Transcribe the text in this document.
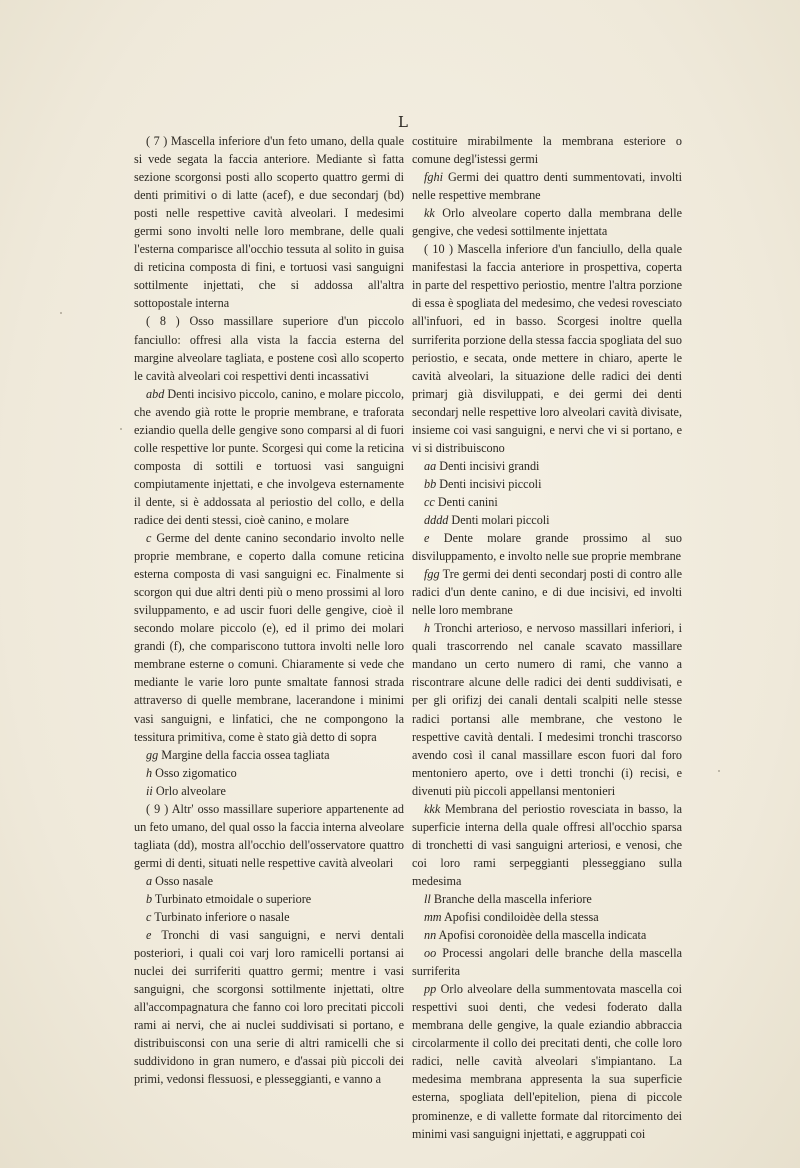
L

( 7 ) Mascella inferiore d'un feto umano, della quale si vede segata la faccia anteriore. Mediante sì fatta sezione scorgonsi posti allo scoperto quattro germi di denti primitivi o di latte (acef), e due secondarj (bd) posti nelle respettive cavità alveolari. I medesimi germi sono involti nelle loro membrane, delle quali l'esterna comparisce all'occhio tessuta al solito in guisa di reticina composta di fini, e tortuosi vasi sanguigni sottilmente injettati, che si addossa all'altra sottopostale interna

( 8 ) Osso massillare superiore d'un piccolo fanciullo: offresi alla vista la faccia esterna del margine alveolare tagliata, e postene così allo scoperto le cavità alveolari coi respettivi denti incassativi

abd Denti incisivo piccolo, canino, e molare piccolo, che avendo già rotte le proprie membrane, e traforata eziandio quella delle gengive sono comparsi al di fuori colle respettive lor punte. Scorgesi qui come la reticina composta di sottili e tortuosi vasi sanguigni compiutamente injettati, e che involgeva esternamente il dente, si è addossata al periostio del collo, e della radice dei denti stessi, cioè canino, e molare

c Germe del dente canino secondario involto nelle proprie membrane, e coperto dalla comune reticina esterna composta di vasi sanguigni ec. Finalmente si scorgon qui due altri denti più o meno prossimi al loro sviluppamento, e ad uscir fuori delle gengive, cioè il secondo molare piccolo (e), ed il primo dei molari grandi (f), che compariscono tuttora involti nelle loro membrane esterne o comuni. Chiaramente si vede che mediante le varie loro punte smaltate fannosi strada attraverso di quelle membrane, lacerandone i minimi vasi sanguigni, e linfatici, che ne compongono la tessitura primitiva, come è stato già detto di sopra

gg Margine della faccia ossea tagliata

h Osso zigomatico

ii Orlo alveolare

( 9 ) Altr' osso massillare superiore appartenente ad un feto umano, del qual osso la faccia interna alveolare tagliata (dd), mostra all'occhio dell'osservatore quattro germi di denti, situati nelle respettive cavità alveolari

a Osso nasale

b Turbinato etmoidale o superiore

c Turbinato inferiore o nasale

e Tronchi di vasi sanguigni, e nervi dentali posteriori, i quali coi varj loro ramicelli portansi ai nuclei dei surriferiti quattro germi; mentre i vasi sanguigni, che scorgonsi sottilmente injettati, oltre all'accompagnatura che fanno coi loro precitati piccoli rami ai nervi, che ai nuclei suddivisati si portano, e distribuisconsi con una serie di altri ramicelli che si suddividono in gran numero, e d'assai più piccoli dei primi, vedonsi flessuosi, e plesseggianti, e vanno a

costituire mirabilmente la membrana esteriore o comune degl'istessi germi

fghi Germi dei quattro denti summentovati, involti nelle respettive membrane

kk Orlo alveolare coperto dalla membrana delle gengive, che vedesi sottilmente injettata

( 10 ) Mascella inferiore d'un fanciullo, della quale manifestasi la faccia anteriore in prospettiva, coperta in parte del respettivo periostio, mentre l'altra porzione di essa è spogliata del medesimo, che vedesi rovesciato all'infuori, ed in basso. Scorgesi inoltre quella surriferita porzione della stessa faccia spogliata del suo periostio, e secata, onde mettere in chiaro, aperte le cavità alveolari, la situazione delle radici dei denti primarj già disviluppati, e dei germi dei denti secondarj nelle respettive loro alveolari cavità divisate, insieme coi vasi sanguigni, e nervi che vi si portano, e vi si distribuiscono

aa Denti incisivi grandi

bb Denti incisivi piccoli

cc Denti canini

dddd Denti molari piccoli

e Dente molare grande prossimo al suo disviluppamento, e involto nelle sue proprie membrane

fgg Tre germi dei denti secondarj posti di contro alle radici d'un dente canino, e di due incisivi, ed involti nelle loro membrane

h Tronchi arterioso, e nervoso massillari inferiori, i quali trascorrendo nel canale scavato massillare mandano un certo numero di rami, che vanno a riscontrare alcune delle radici dei denti suddivisati, e per gli orifizj dei canali dentali scalpiti nelle stesse radici portansi alle membrane, che vestono le respettive cavità dentali. I medesimi tronchi trascorso avendo così il canal massillare escon fuori dal foro mentoniero aperto, ove i detti tronchi (i) recisi, e divenuti più piccoli appellansi mentonieri

kkk Membrana del periostio rovesciata in basso, la superficie interna della quale offresi all'occhio sparsa di tronchetti di vasi sanguigni arteriosi, e venosi, che coi loro rami serpeggianti plesseggiano sulla medesima

ll Branche della mascella inferiore

mm Apofisi condiloidèe della stessa

nn Apofisi coronoidèe della mascella indicata

oo Processi angolari delle branche della mascella surriferita

pp Orlo alveolare della summentovata mascella coi respettivi suoi denti, che vedesi foderato dalla membrana delle gengive, la quale eziandio abbraccia circolarmente il collo dei precitati denti, che colle loro radici, nelle cavità alveolari s'impiantano. La medesima membrana appresenta la sua superficie esterna, spogliata dell'epitelion, piena di piccole prominenze, e di vallette formate dal ritorcimento dei minimi vasi sanguigni injettati, e aggruppati coi
